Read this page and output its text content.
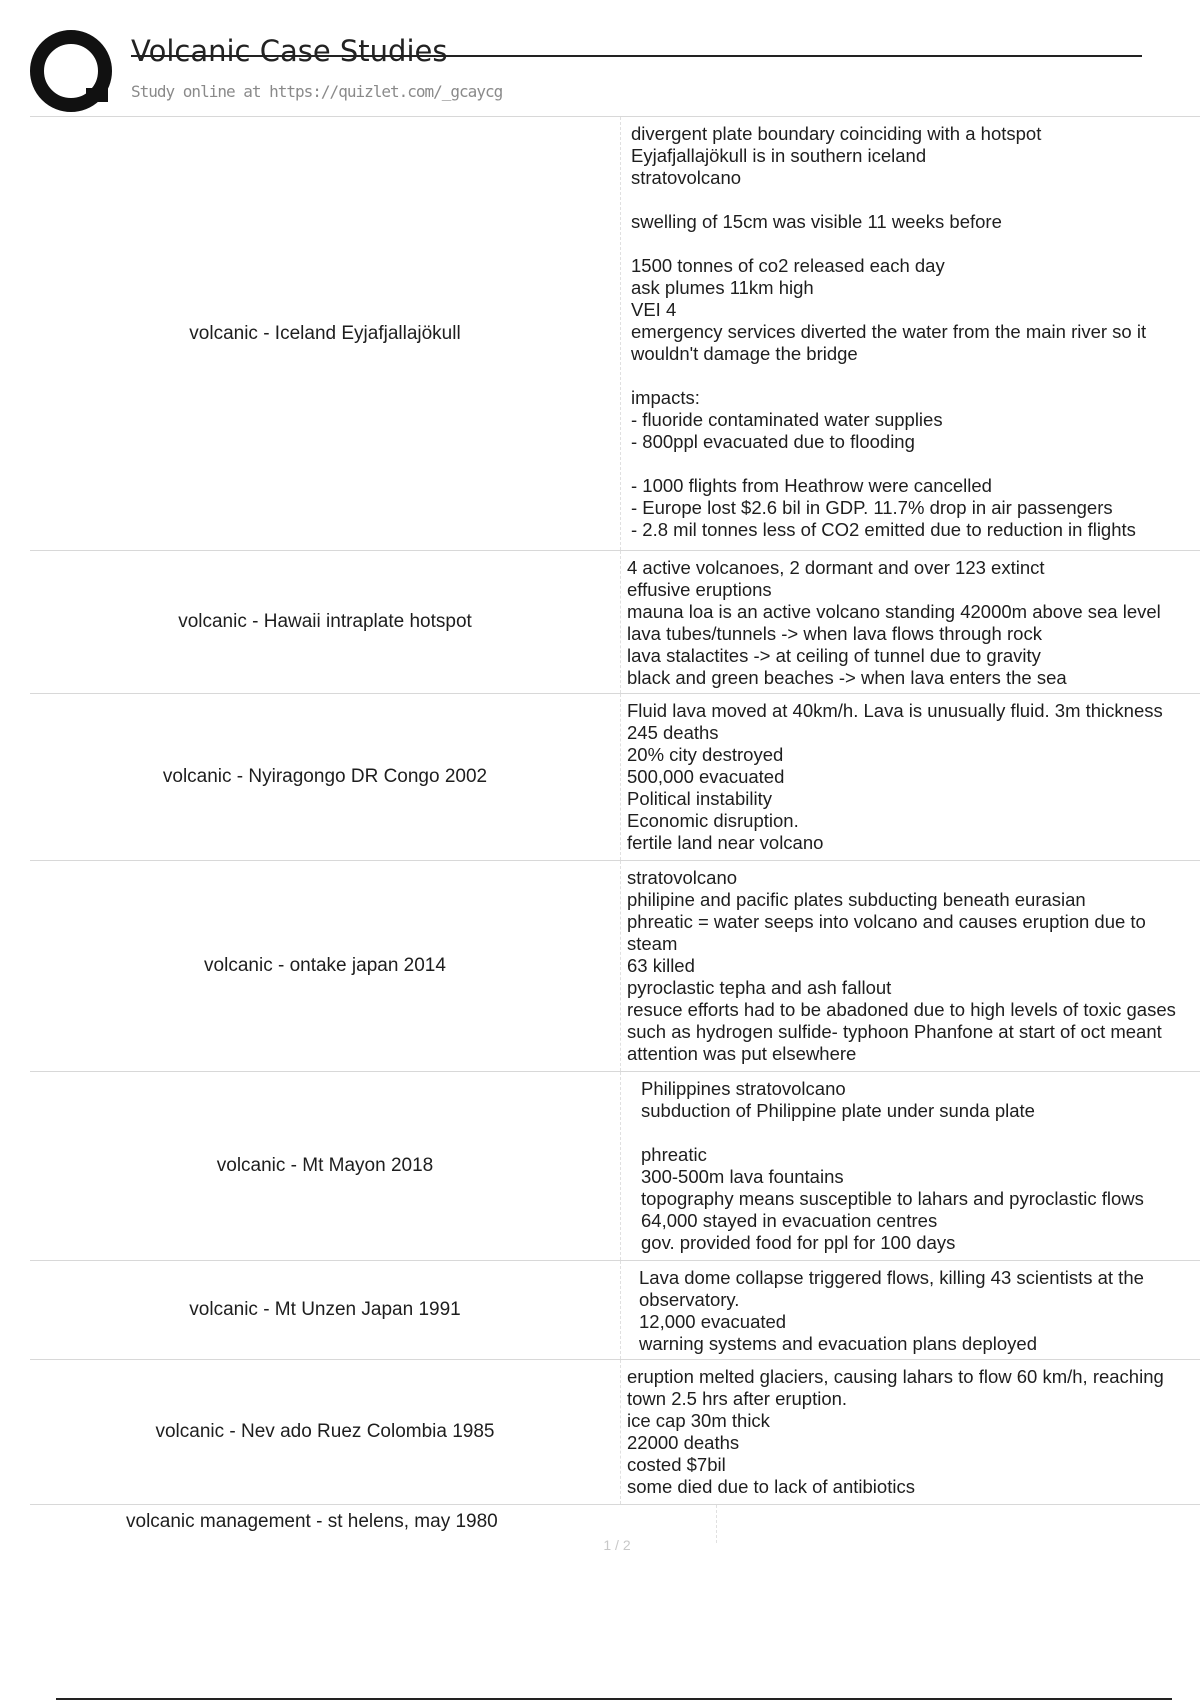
Volcanic Case Studies
Study online at https://quizlet.com/_gcaycg
volcanic - Iceland Eyjafjallajökull
divergent plate boundary coinciding with a hotspot
Eyjafjallajökull is in southern iceland
stratovolcano

swelling of 15cm was visible 11 weeks before

1500 tonnes of co2 released each day
ask plumes 11km high
VEI 4
emergency services diverted the water from the main river so it wouldn't damage the bridge

impacts:
- fluoride contaminated water supplies
- 800ppl evacuated due to flooding

- 1000 flights from Heathrow were cancelled
- Europe lost $2.6 bil in GDP. 11.7% drop in air passengers
- 2.8 mil tonnes less of CO2 emitted due to reduction in flights
volcanic - Hawaii intraplate hotspot
4 active volcanoes, 2 dormant and over 123 extinct
effusive eruptions
mauna loa is an active volcano standing 42000m above sea level
lava tubes/tunnels -> when lava flows through rock
lava stalactites -> at ceiling of tunnel due to gravity
black and green beaches -> when lava enters the sea
volcanic - Nyiragongo DR Congo 2002
Fluid lava moved at 40km/h. Lava is unusually fluid. 3m thickness
245 deaths
20% city destroyed
500,000 evacuated
Political instability
Economic disruption.
fertile land near volcano
volcanic - ontake japan 2014
stratovolcano
philipine and pacific plates subducting beneath eurasian
phreatic = water seeps into volcano and causes eruption due to steam
63 killed
pyroclastic tepha and ash fallout
resuce efforts had to be abadoned due to high levels of toxic gases such as hydrogen sulfide- typhoon Phanfone at start of oct meant attention was put elsewhere
volcanic - Mt Mayon 2018
Philippines stratovolcano
subduction of Philippine plate under sunda plate

phreatic
300-500m lava fountains
topography means susceptible to lahars and pyroclastic flows
64,000 stayed in evacuation centres
gov. provided food for ppl for 100 days
volcanic - Mt Unzen Japan 1991
Lava dome collapse triggered flows, killing 43 scientists at the observatory.
12,000 evacuated
warning systems and evacuation plans deployed
volcanic - Nev ado Ruez Colombia 1985
eruption melted glaciers, causing lahars to flow 60 km/h, reaching town 2.5 hrs after eruption.
ice cap 30m thick
22000 deaths
costed $7bil
some died due to lack of antibiotics
volcanic management - st helens, may 1980
1 / 2
